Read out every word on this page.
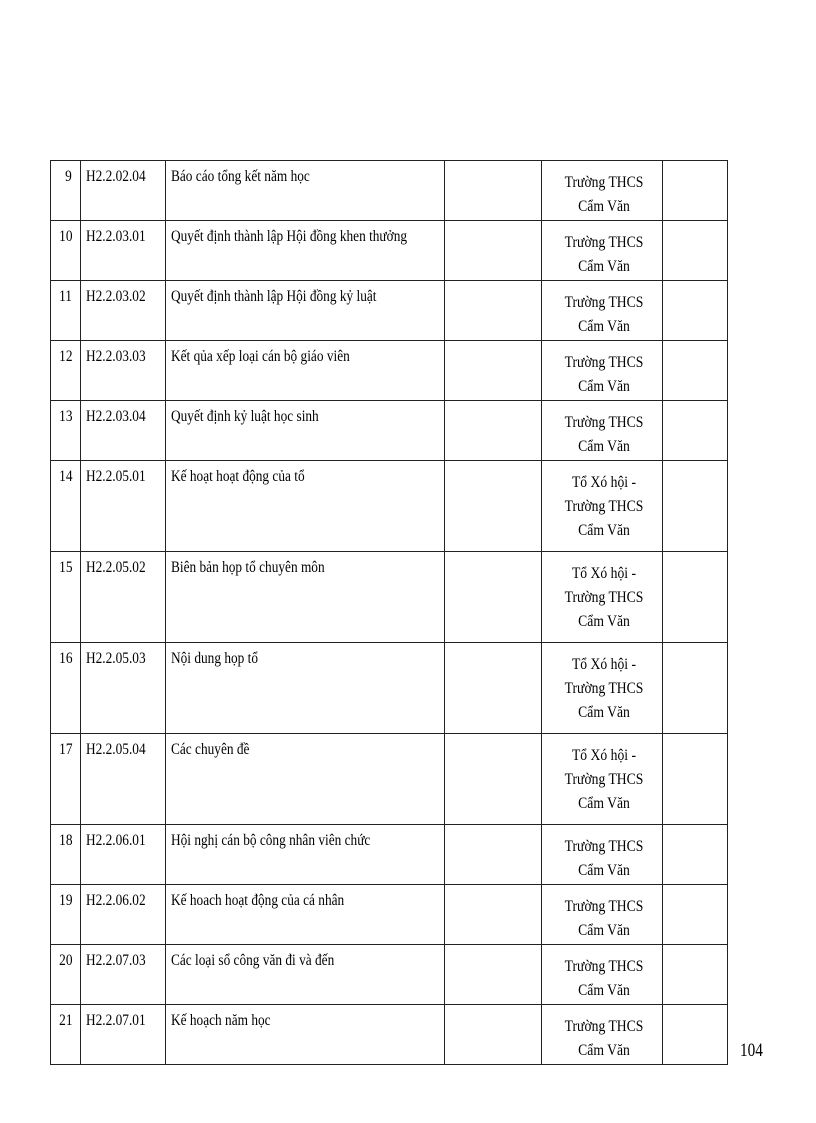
9	H2.2.02.04	Báo cáo tổng kết năm học		Trường THCS Cẩm Văn	
10	H2.2.03.01	Quyết định thành lập Hội đồng khen thưởng		Trường THCS Cẩm Văn	
11	H2.2.03.02	Quyết định thành lập Hội đồng kỷ luật		Trường THCS Cẩm Văn	
12	H2.2.03.03	Kết qủa xếp loại cán bộ giáo viên		Trường THCS Cẩm Văn	
13	H2.2.03.04	Quyết định kỷ luật học sinh		Trường THCS Cẩm Văn	
14	H2.2.05.01	Kế hoạt hoạt động của tổ		Tổ Xó hội - Trường THCS Cẩm Văn	
15	H2.2.05.02	Biên bản họp tổ chuyên môn		Tổ Xó hội - Trường THCS Cẩm Văn	
16	H2.2.05.03	Nội dung họp tổ		Tổ Xó hội - Trường THCS Cẩm Văn	
17	H2.2.05.04	Các chuyên đề		Tổ Xó hội - Trường THCS Cẩm Văn	
18	H2.2.06.01	Hội nghị cán bộ công nhân viên chức		Trường THCS Cẩm Văn	
19	H2.2.06.02	Kế hoach hoạt động của cá nhân		Trường THCS Cẩm Văn	
20	H2.2.07.03	Các loại sổ công văn đi và đến		Trường THCS Cẩm Văn	
21	H2.2.07.01	Kế hoạch năm học		Trường THCS Cẩm Văn		104
